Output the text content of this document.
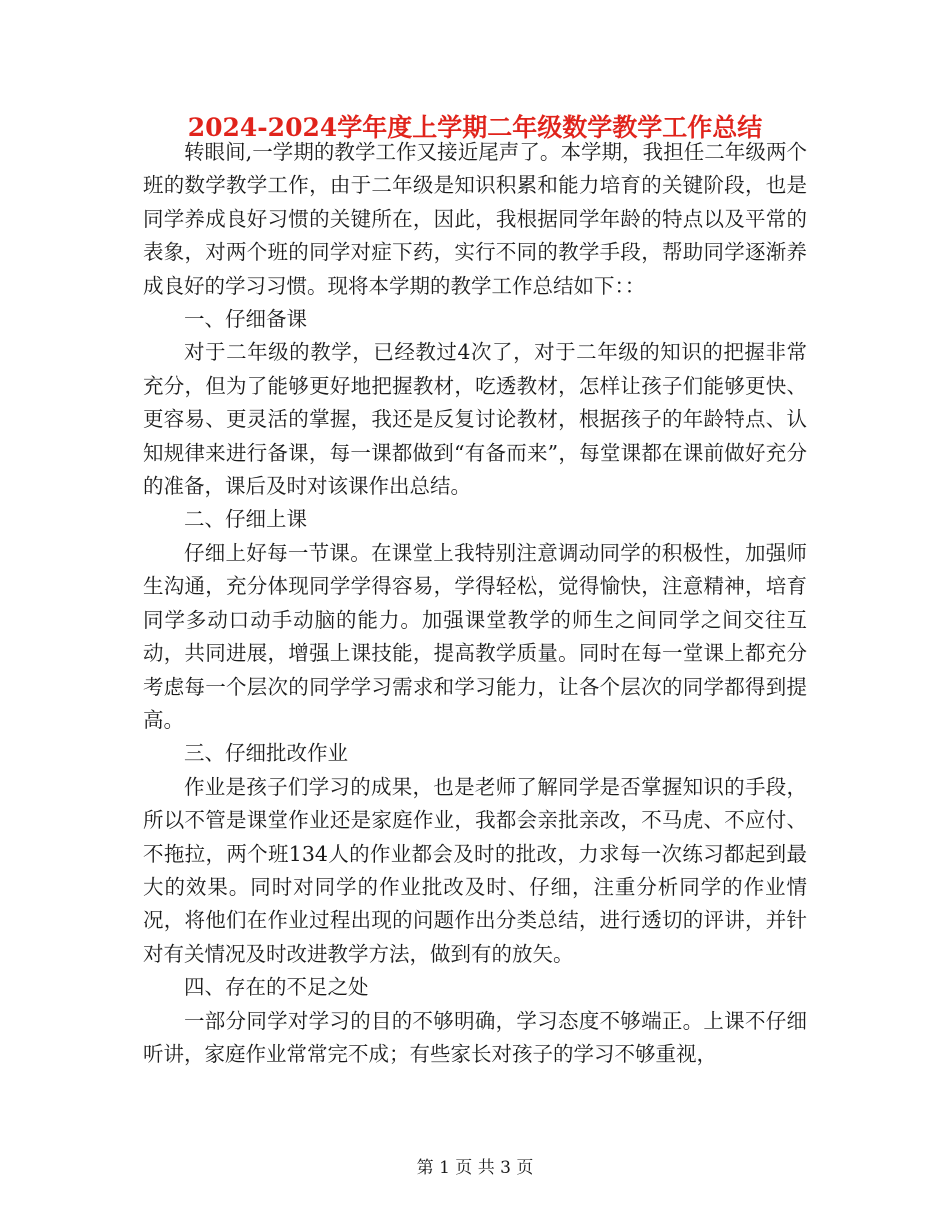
2024-2024学年度上学期二年级数学教学工作总结

转眼间,一学期的教学工作又接近尾声了。本学期，我担任二年级两个班的数学教学工作，由于二年级是知识积累和能力培育的关键阶段，也是同学养成良好习惯的关键所在，因此，我根据同学年龄的特点以及平常的表象，对两个班的同学对症下药，实行不同的教学手段，帮助同学逐渐养成良好的学习习惯。现将本学期的教学工作总结如下：：

一、仔细备课

对于二年级的教学，已经教过4次了，对于二年级的知识的把握非常充分，但为了能够更好地把握教材，吃透教材，怎样让孩子们能够更快、更容易、更灵活的掌握，我还是反复讨论教材，根据孩子的年龄特点、认知规律来进行备课，每一课都做到“有备而来”，每堂课都在课前做好充分的准备，课后及时对该课作出总结。

二、仔细上课

仔细上好每一节课。在课堂上我特别注意调动同学的积极性，加强师生沟通，充分体现同学学得容易，学得轻松，觉得愉快，注意精神，培育同学多动口动手动脑的能力。加强课堂教学的师生之间同学之间交往互动，共同进展，增强上课技能，提高教学质量。同时在每一堂课上都充分考虑每一个层次的同学学习需求和学习能力，让各个层次的同学都得到提高。

三、仔细批改作业

作业是孩子们学习的成果，也是老师了解同学是否掌握知识的手段，所以不管是课堂作业还是家庭作业，我都会亲批亲改，不马虎、不应付、不拖拉，两个班134人的作业都会及时的批改，力求每一次练习都起到最大的效果。同时对同学的作业批改及时、仔细，注重分析同学的作业情况，将他们在作业过程出现的问题作出分类总结，进行透切的评讲，并针对有关情况及时改进教学方法，做到有的放矢。

四、存在的不足之处

一部分同学对学习的目的不够明确，学习态度不够端正。上课不仔细听讲，家庭作业常常完不成；有些家长对孩子的学习不够重视，

第 1 页 共 3 页
